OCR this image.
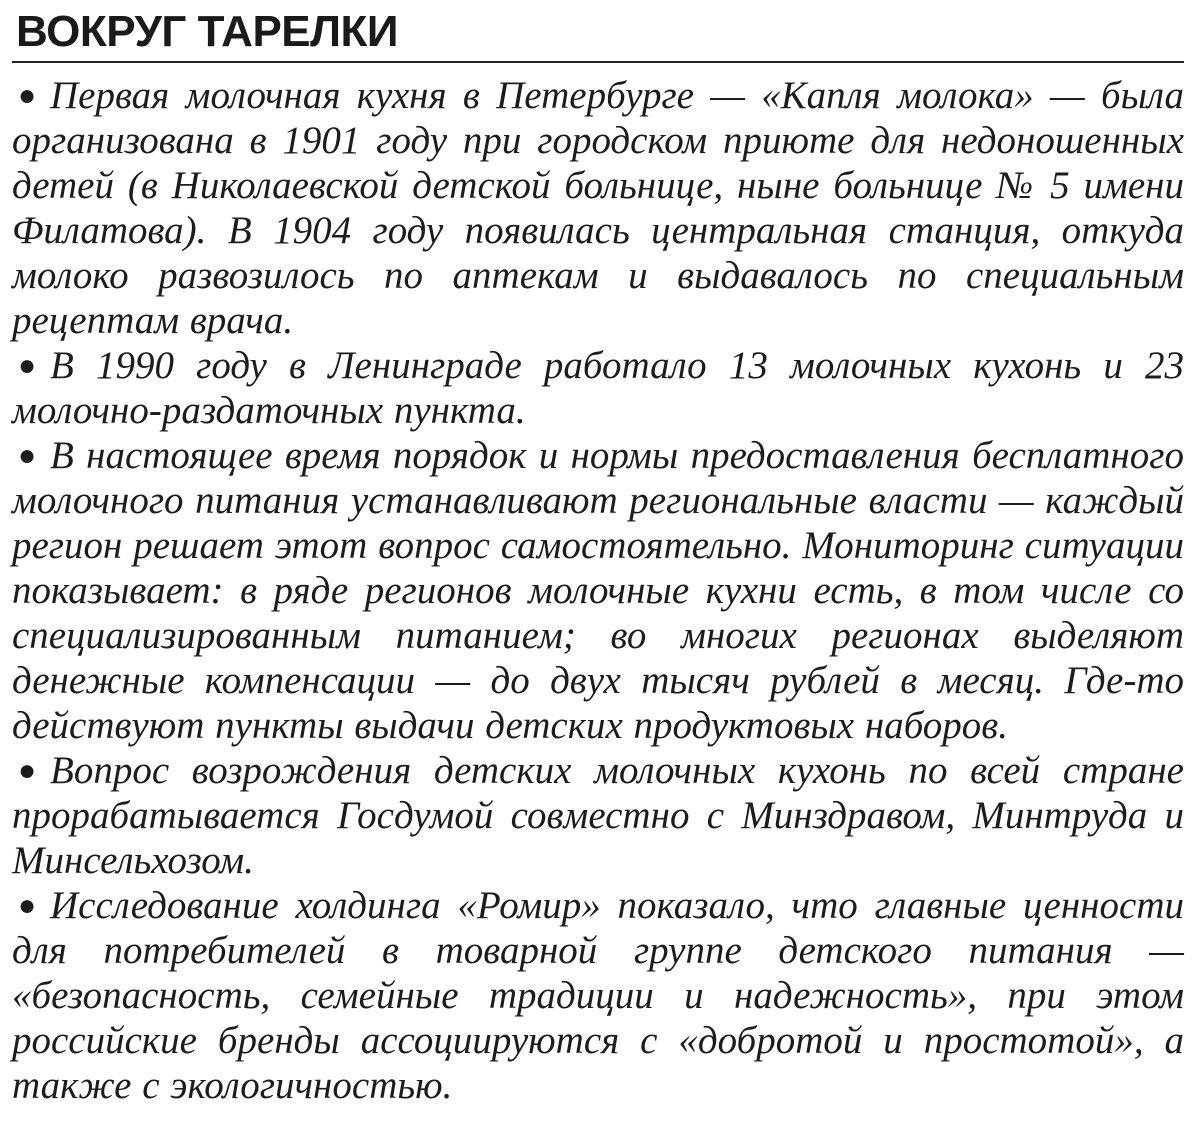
ВОКРУГ ТАРЕЛКИ

● Первая молочная кухня в Петербурге — «Капля молока» — была организована в 1901 году при городском приюте для недоношенных детей (в Николаевской детской больнице, ныне больнице № 5 имени Филатова). В 1904 году появилась центральная станция, откуда молоко развозилось по аптекам и выдавалось по специальным рецептам врача.

● В 1990 году в Ленинграде работало 13 молочных кухонь и 23 молочно-раздаточных пункта.

● В настоящее время порядок и нормы предоставления бесплатного молочного питания устанавливают региональные власти — каждый регион решает этот вопрос самостоятельно. Мониторинг ситуации показывает: в ряде регионов молочные кухни есть, в том числе со специализированным питанием; во многих регионах выделяют денежные компенсации — до двух тысяч рублей в месяц. Где-то действуют пункты выдачи детских продуктовых наборов.

● Вопрос возрождения детских молочных кухонь по всей стране прорабатывается Госдумой совместно с Минздравом, Минтруда и Минсельхозом.

● Исследование холдинга «Ромир» показало, что главные ценности для потребителей в товарной группе детского питания — «безопасность, семейные традиции и надежность», при этом российские бренды ассоциируются с «добротой и простотой», а также с экологичностью.
